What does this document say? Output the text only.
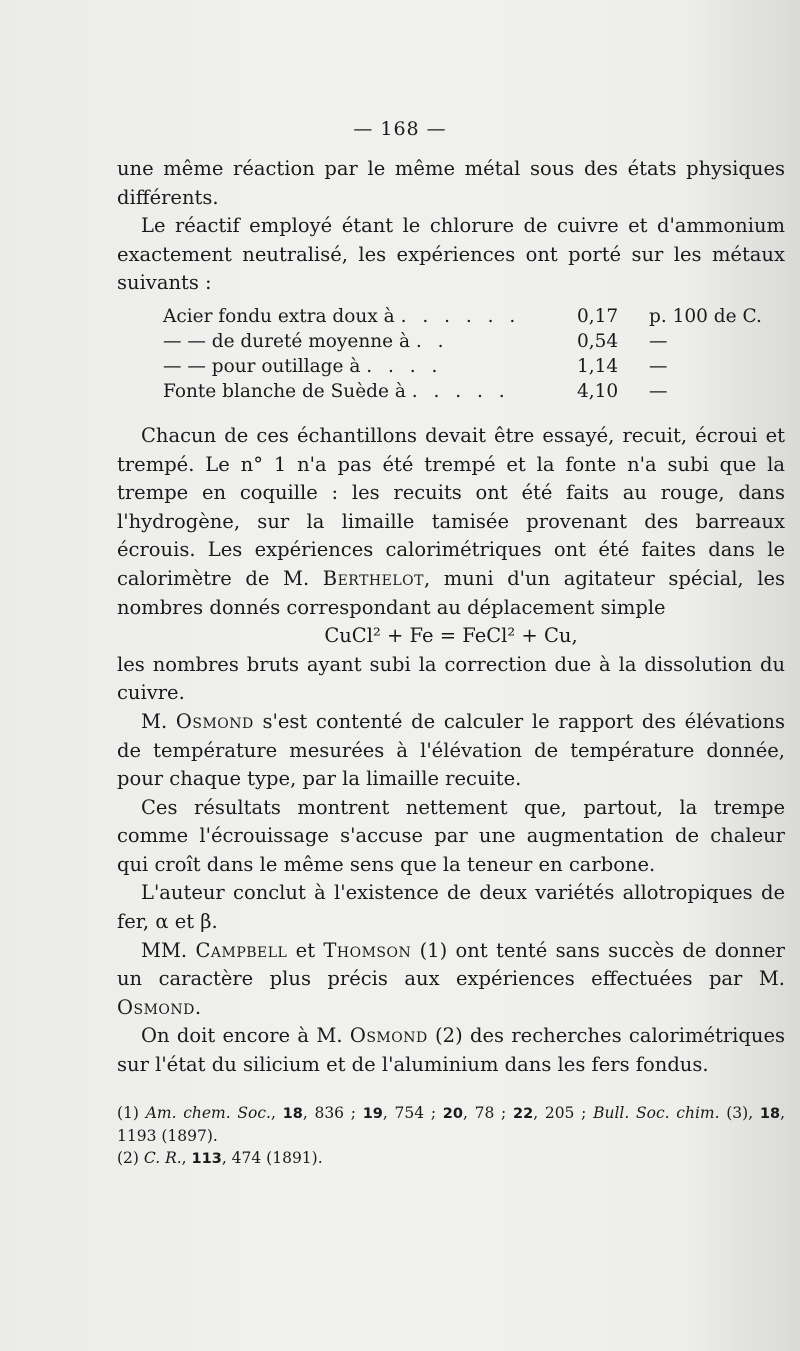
— 168 —

une même réaction par le même métal sous des états physiques différents.

Le réactif employé étant le chlorure de cuivre et d'ammonium exactement neutralisé, les expériences ont porté sur les métaux suivants :

Acier fondu extra doux à . . . . . .	0,17	p. 100 de C.
— — de dureté moyenne à . .	0,54	—
— — pour outillage à . . . .	1,14	—
Fonte blanche de Suède à . . . . .	4,10	—

Chacun de ces échantillons devait être essayé, recuit, écroui et trempé. Le n° 1 n'a pas été trempé et la fonte n'a subi que la trempe en coquille : les recuits ont été faits au rouge, dans l'hydrogène, sur la limaille tamisée provenant des barreaux écrouis. Les expériences calorimétriques ont été faites dans le calorimètre de M. Berthelot, muni d'un agitateur spécial, les nombres donnés correspondant au déplacement simple

CuCl² + Fe = FeCl² + Cu,

les nombres bruts ayant subi la correction due à la dissolution du cuivre.

M. Osmond s'est contenté de calculer le rapport des élévations de température mesurées à l'élévation de température donnée, pour chaque type, par la limaille recuite.

Ces résultats montrent nettement que, partout, la trempe comme l'écrouissage s'accuse par une augmentation de chaleur qui croît dans le même sens que la teneur en carbone.

L'auteur conclut à l'existence de deux variétés allotropiques de fer, α et β.

MM. Campbell et Thomson (1) ont tenté sans succès de donner un caractère plus précis aux expériences effectuées par M. Osmond.

On doit encore à M. Osmond (2) des recherches calorimétriques sur l'état du silicium et de l'aluminium dans les fers fondus.

(1) Am. chem. Soc., 18, 836 ; 19, 754 ; 20, 78 ; 22, 205 ; Bull. Soc. chim. (3), 18, 1193 (1897).

(2) C. R., 113, 474 (1891).
